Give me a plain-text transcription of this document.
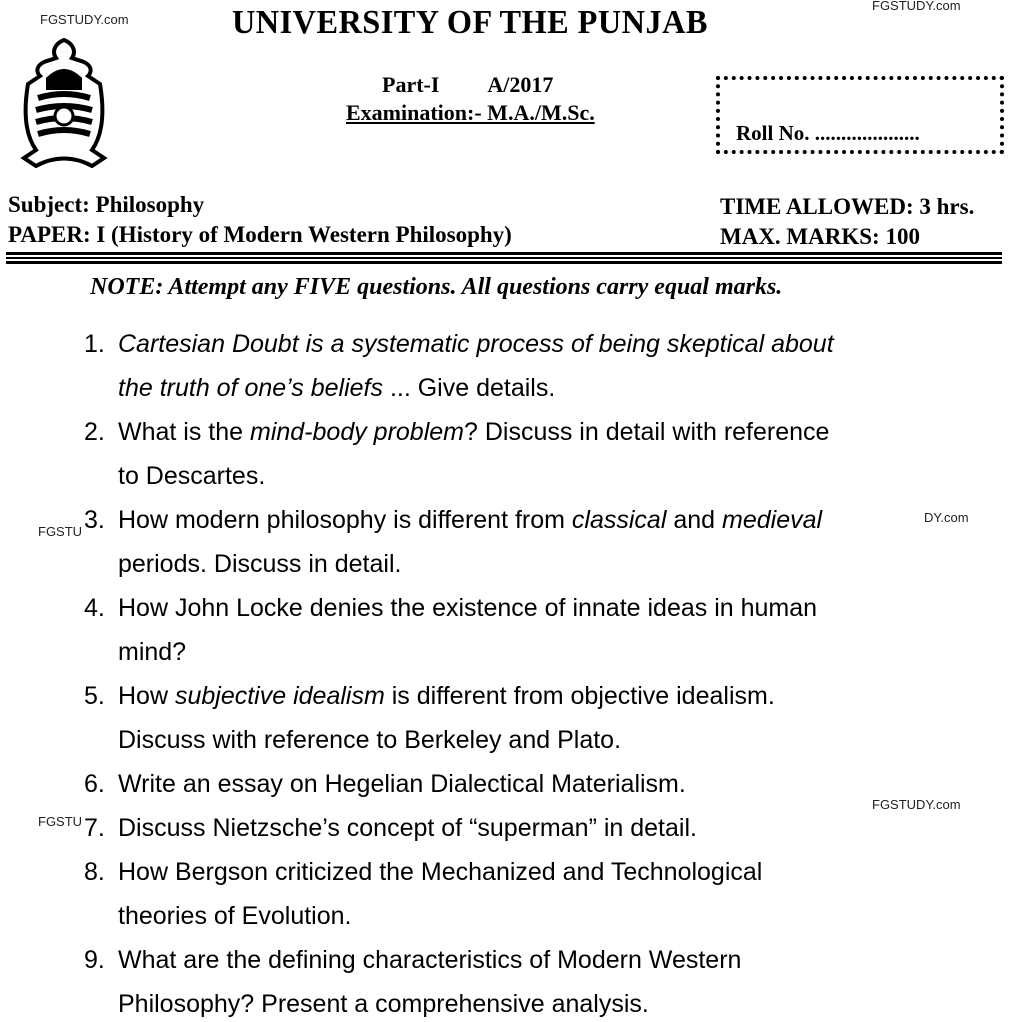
FGSTUDY.com
FGSTUDY.com
FGSTU
DY.com
FGSTU
FGSTUDY.com
UNIVERSITY OF THE PUNJAB
Part-I A/2017
Examination:- M.A./M.Sc.
Roll No. ....................
Subject: Philosophy
PAPER: I (History of Modern Western Philosophy)
TIME ALLOWED: 3 hrs.
MAX. MARKS: 100
NOTE: Attempt any FIVE questions. All questions carry equal marks.
1. Cartesian Doubt is a systematic process of being skeptical about
the truth of one’s beliefs ... Give details.
2. What is the mind-body problem? Discuss in detail with reference
to Descartes.
3. How modern philosophy is different from classical and medieval
periods. Discuss in detail.
4. How John Locke denies the existence of innate ideas in human
mind?
5. How subjective idealism is different from objective idealism.
Discuss with reference to Berkeley and Plato.
6. Write an essay on Hegelian Dialectical Materialism.
7. Discuss Nietzsche’s concept of “superman” in detail.
8. How Bergson criticized the Mechanized and Technological
theories of Evolution.
9. What are the defining characteristics of Modern Western
Philosophy? Present a comprehensive analysis.
